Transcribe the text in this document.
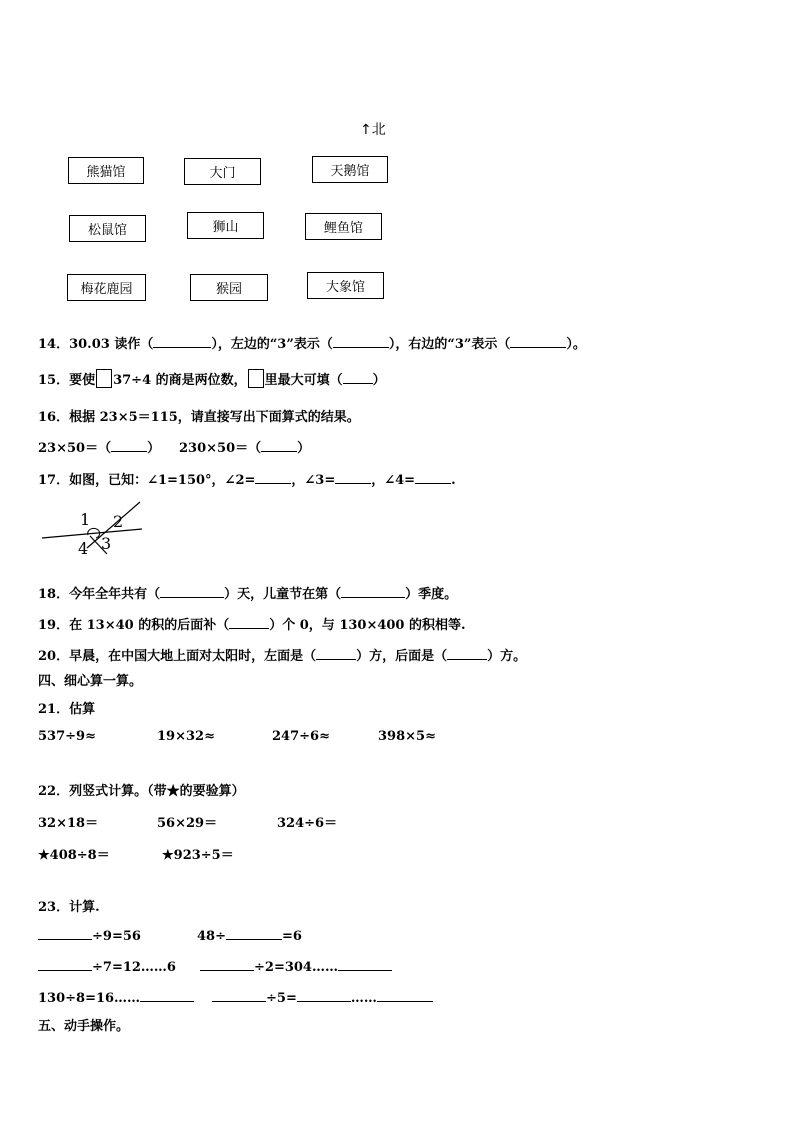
↑北
熊猫馆	大门	天鹅馆
松鼠馆	狮山	鲤鱼馆
梅花鹿园	猴园	大象馆
14．30.03 读作（	），左边的“3”表示（	），右边的“3”表示（	）。
15．要使 37÷4 的商是两位数， 里最大可填（ ）
16．根据 23×5＝115，请直接写出下面算式的结果。
23×50＝（	） 230×50＝（	）
17．如图，已知：∠1=150°，∠2=	，∠3=	，∠4=	.
1 2
3
4
18．今年全年共有（	）天，儿童节在第（	）季度。
19．在 13×40 的积的后面补（	）个 0，与 130×400 的积相等.
20．早晨，在中国大地上面对太阳时，左面是（	）方，后面是（	）方。
四、细心算一算。
21．估算
537÷9≈	19×32≈	247÷6≈	398×5≈
22．列竖式计算。（带★的要验算）
32×18＝	56×29＝	324÷6＝
★408÷8＝	★923÷5＝
23．计算.
÷9=56	48÷	=6
÷7=12……6	÷2=304……
130÷8=16……	÷5=	……
五、动手操作。
